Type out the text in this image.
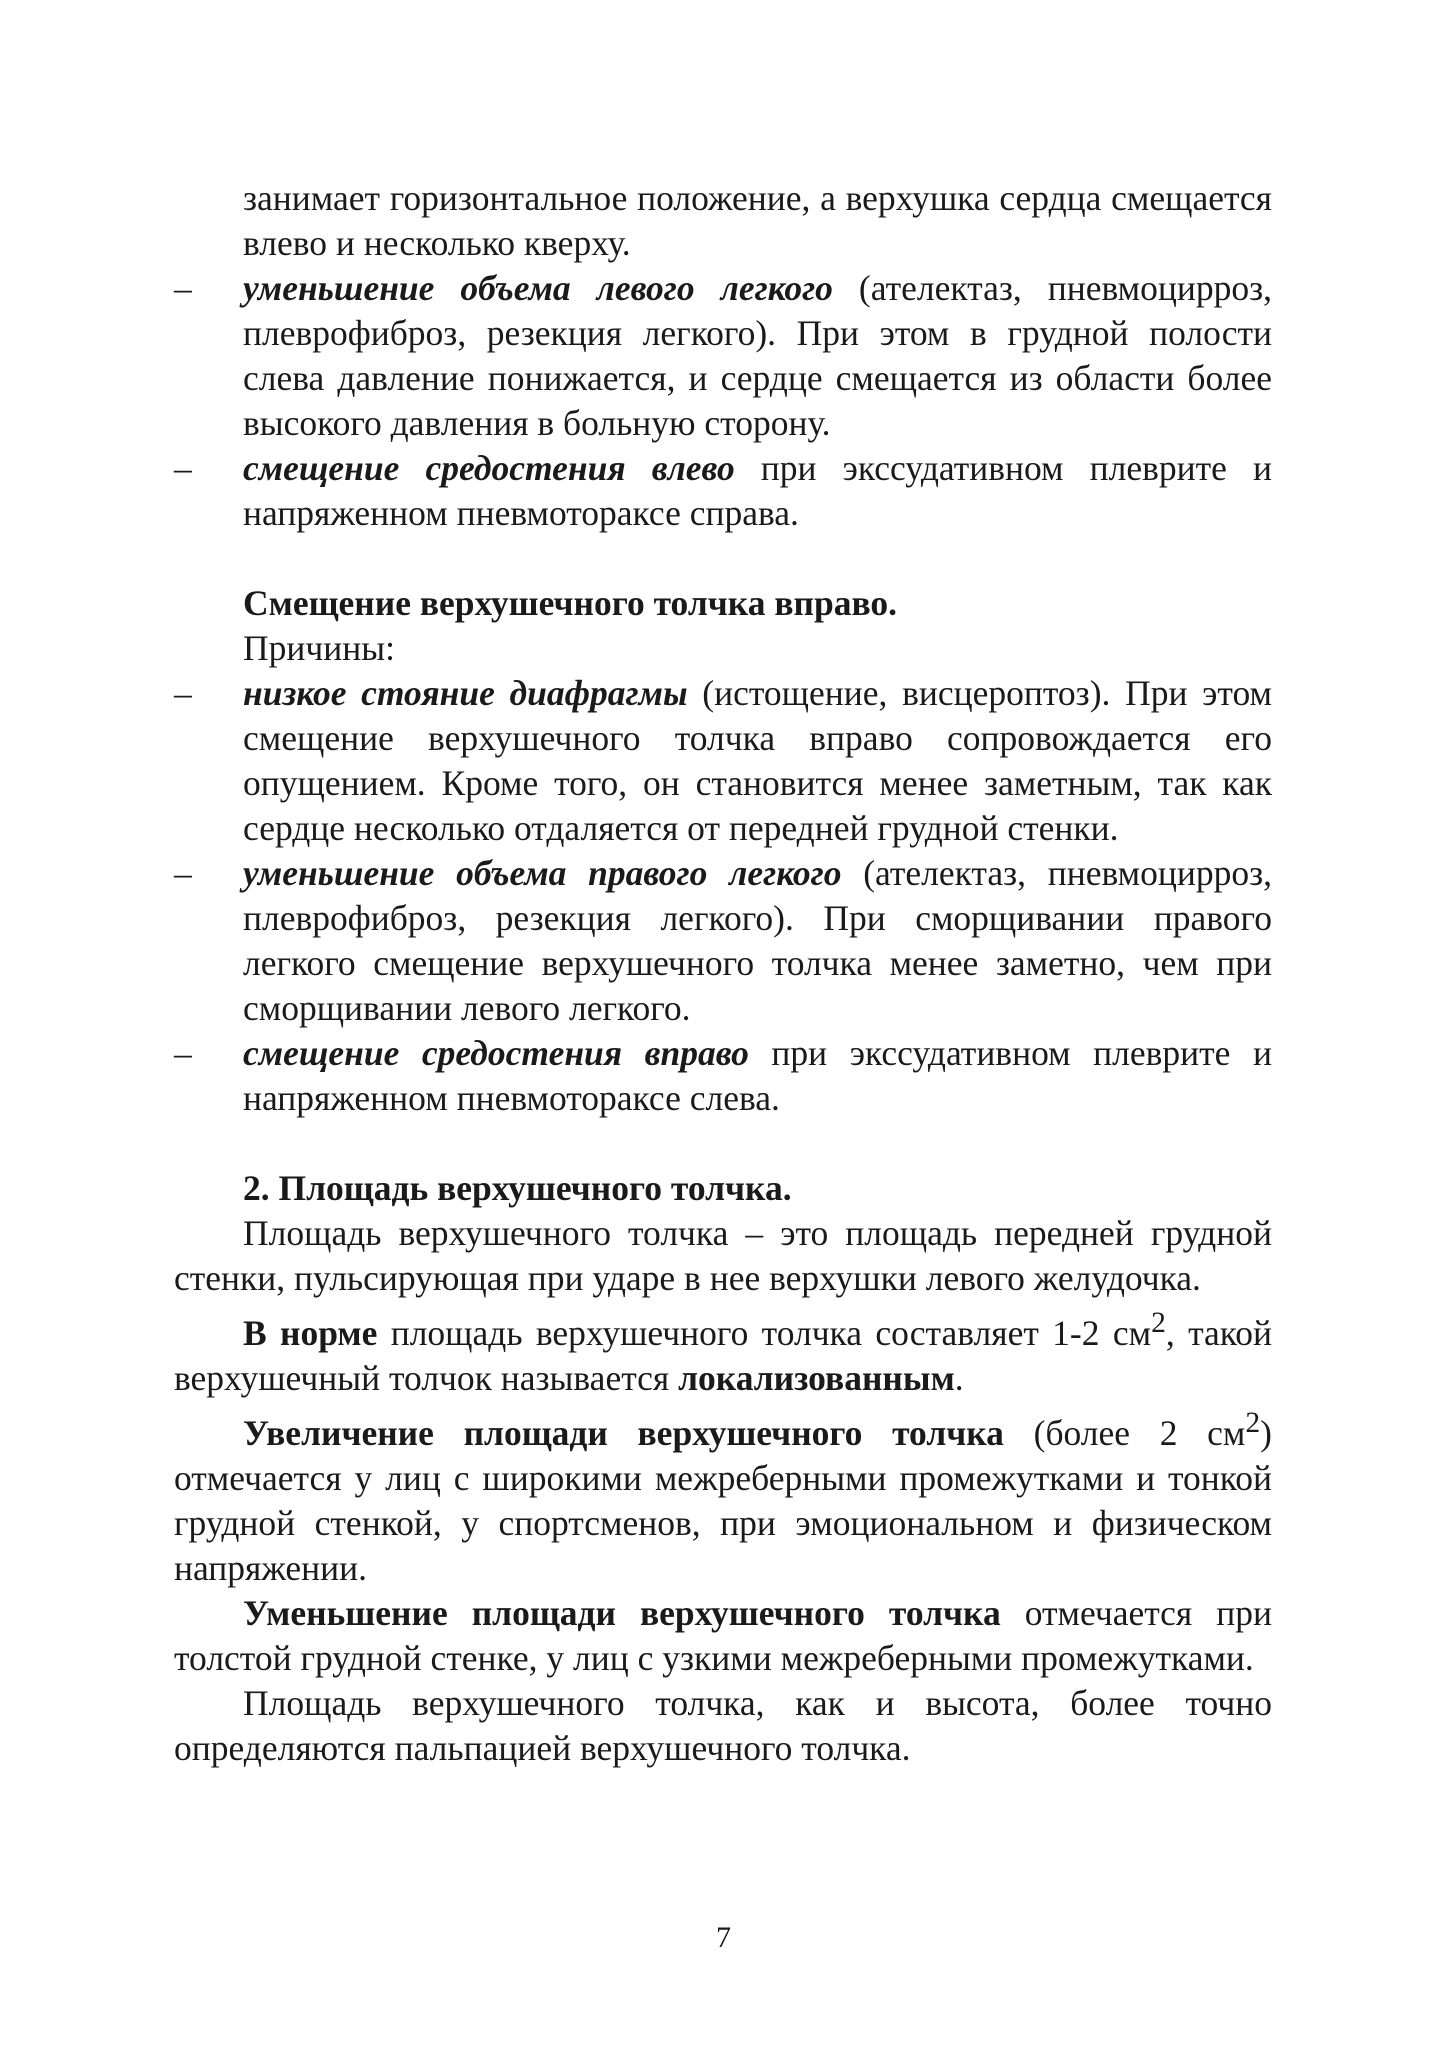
занимает горизонтальное положение, а верхушка сердца смещается влево и несколько кверху.

–	уменьшение объема левого легкого (ателектаз, пневмоцирроз, плеврофиброз, резекция легкого). При этом в грудной полости слева давление понижается, и сердце смещается из области более высокого давления в больную сторону.
–	смещение средостения влево при экссудативном плеврите и напряженном пневмотораксе справа.

Смещение верхушечного толчка вправо.

Причины:

–	низкое стояние диафрагмы (истощение, висцероптоз). При этом смещение верхушечного толчка вправо сопровождается его опущением. Кроме того, он становится менее заметным, так как сердце несколько отдаляется от передней грудной стенки.
–	уменьшение объема правого легкого (ателектаз, пневмоцирроз, плеврофиброз, резекция легкого). При сморщивании правого легкого смещение верхушечного толчка менее заметно, чем при сморщивании левого легкого.
–	смещение средостения вправо при экссудативном плеврите и напряженном пневмотораксе слева.

2. Площадь верхушечного толчка.

Площадь верхушечного толчка – это площадь передней грудной стенки, пульсирующая при ударе в нее верхушки левого желудочка.

В норме площадь верхушечного толчка составляет 1-2 $см^2$, такой верхушечный толчок называется локализованным.

Увеличение площади верхушечного толчка (более 2 $см^2$) отмечается у лиц с широкими межреберными промежутками и тонкой грудной стенкой, у спортсменов, при эмоциональном и физическом напряжении.

Уменьшение площади верхушечного толчка отмечается при толстой грудной стенке, у лиц с узкими межреберными промежутками.

Площадь верхушечного толчка, как и высота, более точно определяются пальпацией верхушечного толчка.

7
